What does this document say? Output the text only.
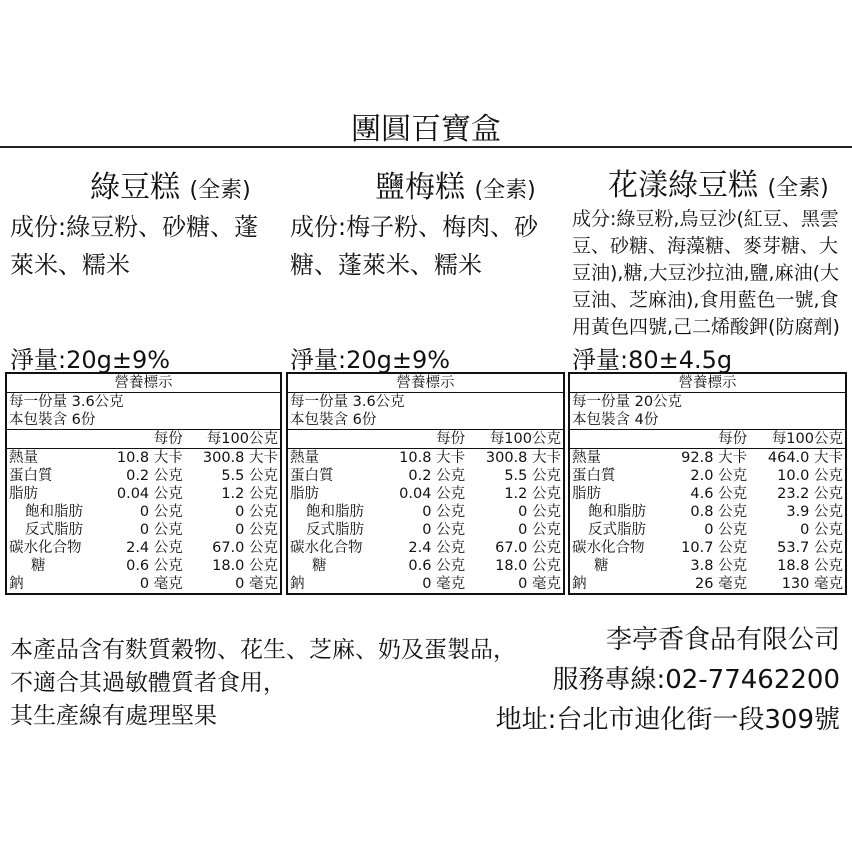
團圓百寶盒
綠豆糕 (全素)	鹽梅糕 (全素) 花漾綠豆糕 (全素)
成份:綠豆粉、砂糖、蓬萊米、糯米
成份:梅子粉、梅肉、砂糖、蓬萊米、糯米
成分:綠豆粉,烏豆沙(紅豆、黑雲豆、砂糖、海藻糖、麥芽糖、大豆油),糖,大豆沙拉油,鹽,麻油(大豆油、芝麻油),食用藍色一號,食用黃色四號,己二烯酸鉀(防腐劑)
淨量:20g±9%	淨量:20g±9%	淨量:80±4.5g
營養標示		
每一份量 3.6公克		
本包裝含 6份		
	每份	每100公克
熱量	10.8 大卡	300.8 大卡
蛋白質	0.2 公克	5.5 公克
脂肪	0.04 公克	1.2 公克
飽和脂肪	0 公克	0 公克
反式脂肪	0 公克	0 公克
碳水化合物	2.4 公克	67.0 公克
糖	0.6 公克	18.0 公克
鈉	0 毫克	0 毫克
營養標示		
每一份量 3.6公克		
本包裝含 6份		
	每份	每100公克
熱量	10.8 大卡	300.8 大卡
蛋白質	0.2 公克	5.5 公克
脂肪	0.04 公克	1.2 公克
飽和脂肪	0 公克	0 公克
反式脂肪	0 公克	0 公克
碳水化合物	2.4 公克	67.0 公克
糖	0.6 公克	18.0 公克
鈉	0 毫克	0 毫克
營養標示		
每一份量 20公克		
本包裝含 4份		
	每份	每100公克
熱量	92.8 大卡	464.0 大卡
蛋白質	2.0 公克	10.0 公克
脂肪	4.6 公克	23.2 公克
飽和脂肪	0.8 公克	3.9 公克
反式脂肪	0 公克	0 公克
碳水化合物	10.7 公克	53.7 公克
糖	3.8 公克	18.8 公克
鈉	26 毫克	130 毫克
本產品含有麩質穀物、花生、芝麻、奶及蛋製品，
不適合其過敏體質者食用，
其生產線有處理堅果
李亭香食品有限公司
服務專線:02-77462200
地址:台北市迪化街一段309號
